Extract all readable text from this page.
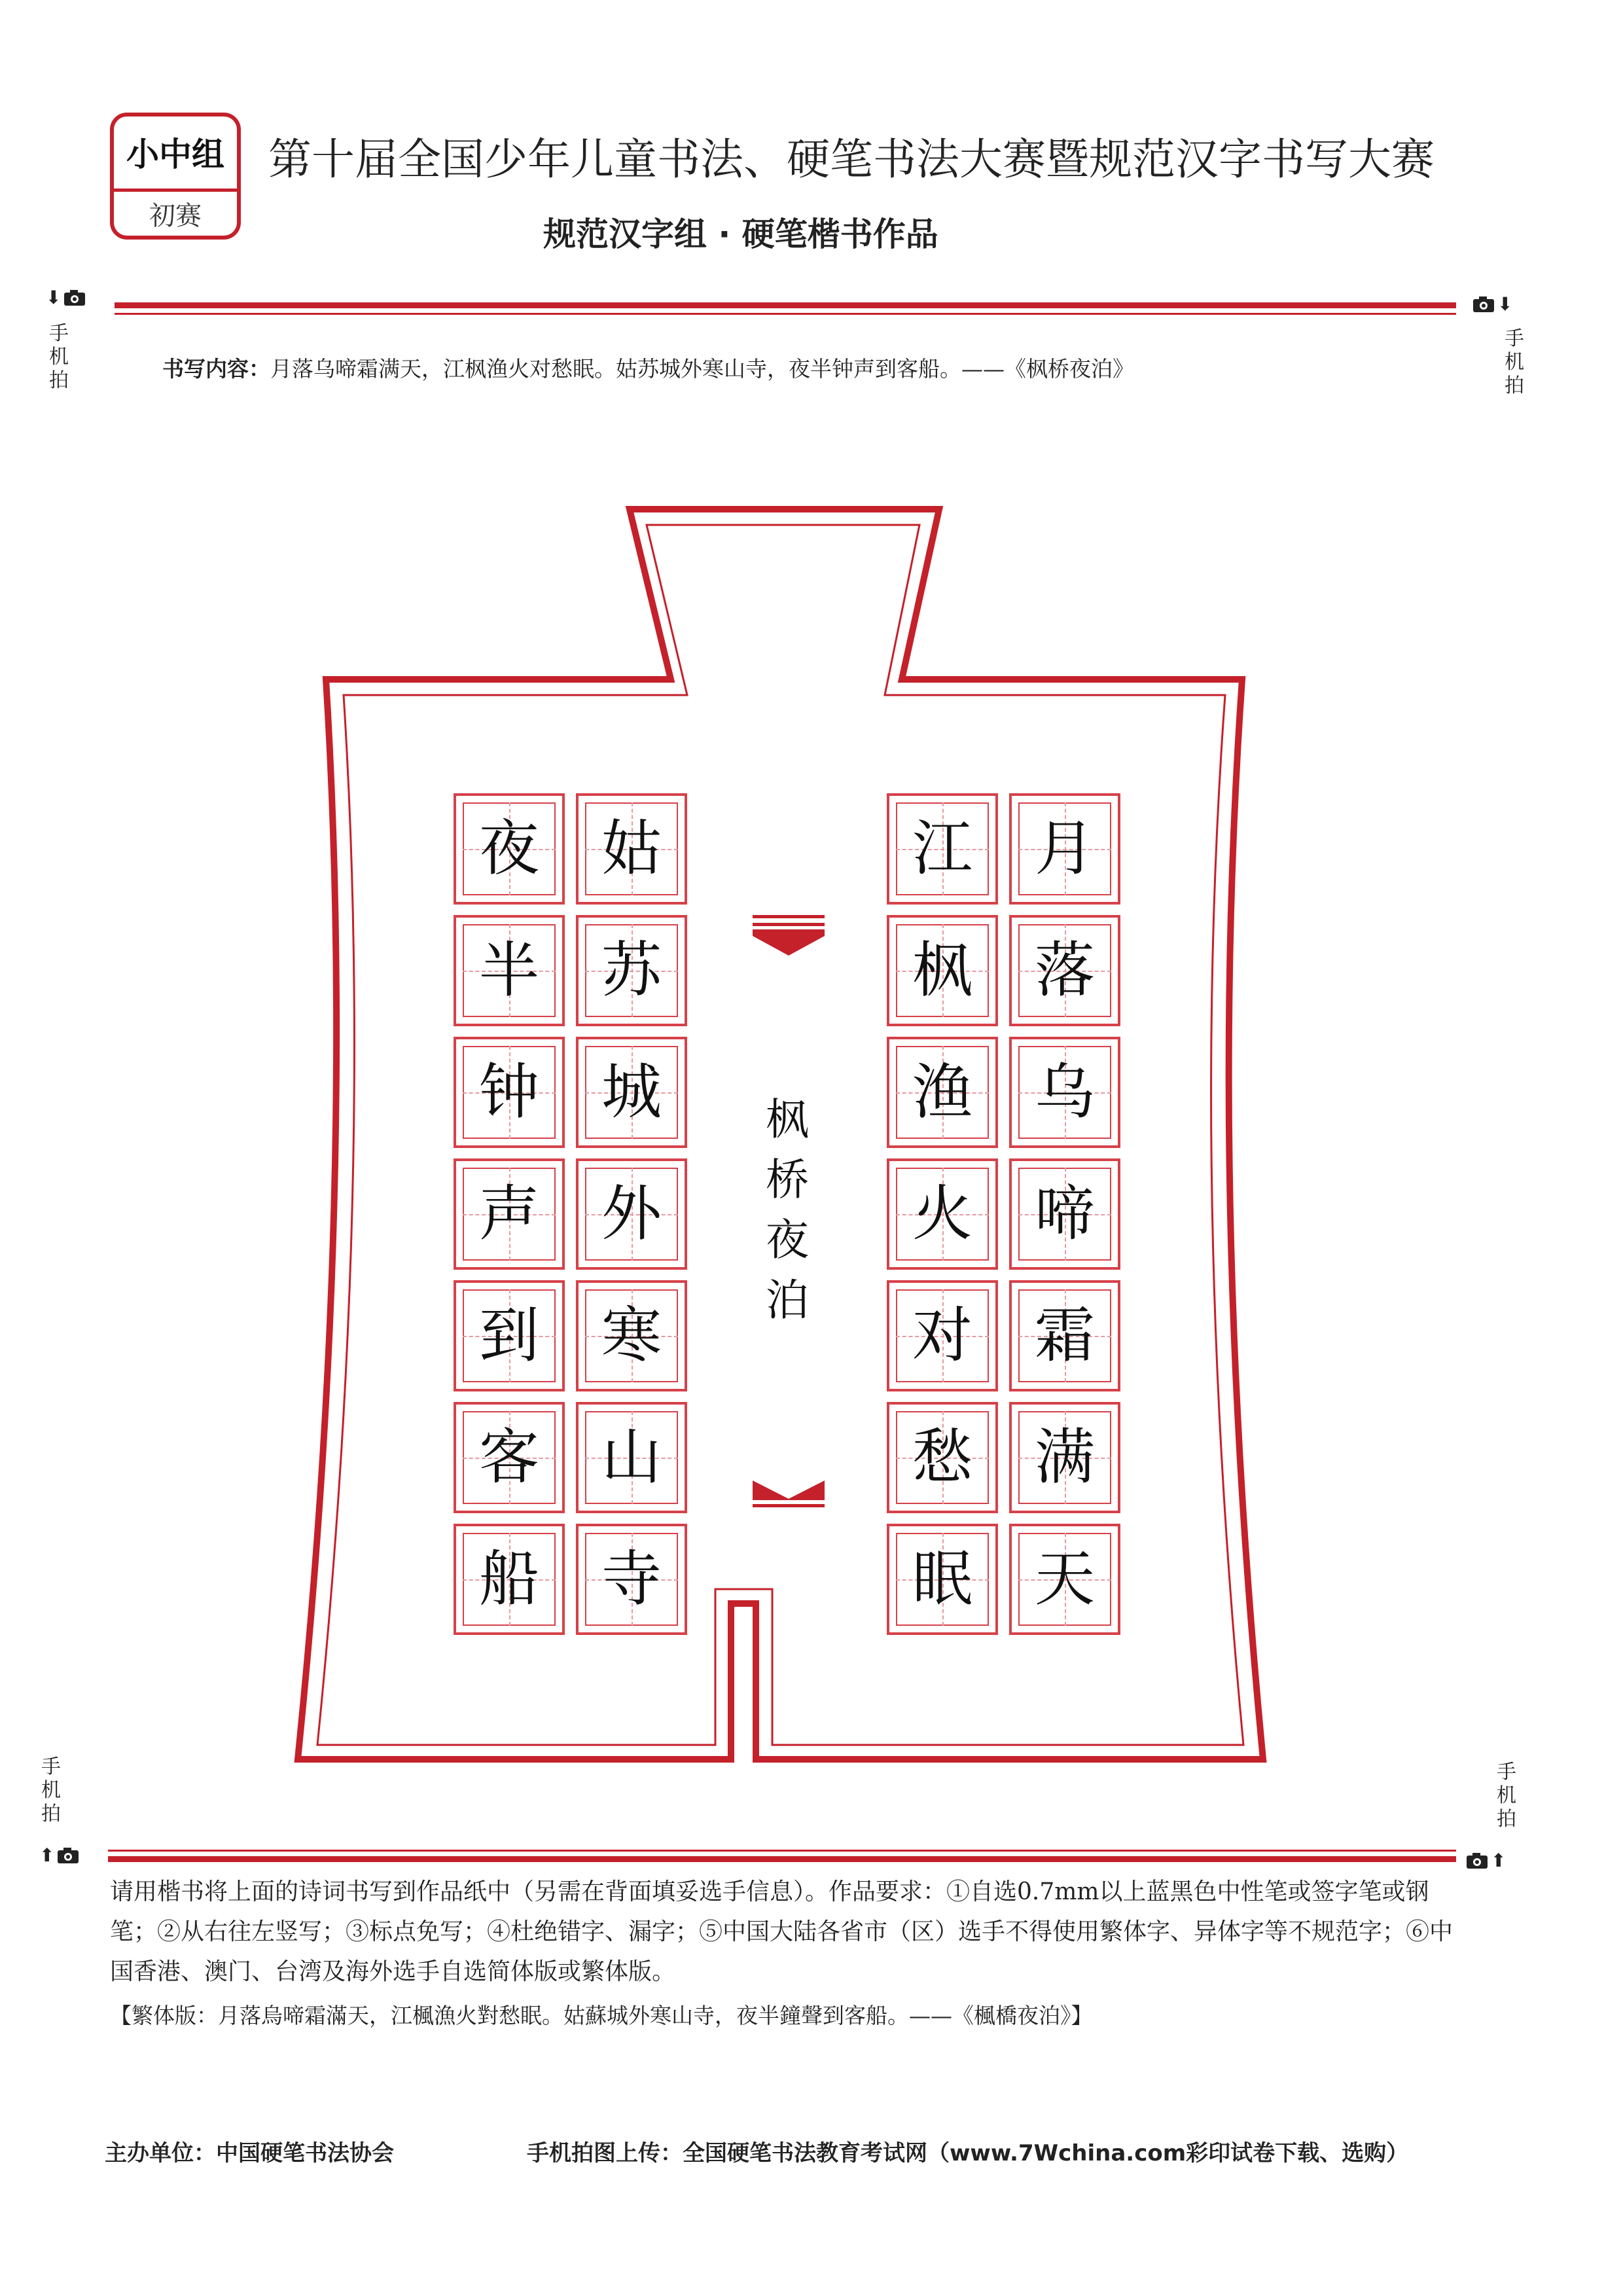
小中组
初赛
第十届全国少年儿童书法、硬笔书法大赛暨规范汉字书写大赛
规范汉字组 · 硬笔楷书作品
⬇
手
机
拍
⬇
手
机
拍
书写内容：月落乌啼霜满天，江枫渔火对愁眠。姑苏城外寒山寺，夜半钟声到客船。——《枫桥夜泊》
月
落
乌
啼
霜
满
天
江
枫
渔
火
对
愁
眠
姑
苏
城
外
寒
山
寺
夜
半
钟
声
到
客
船
枫
桥
夜
泊
手
机
拍
⬆
手
机
拍
⬆
请用楷书将上面的诗词书写到作品纸中（另需在背面填妥选手信息）。作品要求：①自选0.7mm以上蓝黑色中性笔或签字笔或钢笔；②从右往左竖写；③标点免写；④杜绝错字、漏字；⑤中国大陆各省市（区）选手不得使用繁体字、异体字等不规范字；⑥中国香港、澳门、台湾及海外选手自选简体版或繁体版。
【繁体版：月落烏啼霜滿天，江楓漁火對愁眠。姑蘇城外寒山寺，夜半鐘聲到客船。——《楓橋夜泊》】
主办单位：中国硬笔书法协会	手机拍图上传：全国硬笔书法教育考试网（www.7Wchina.com彩印试卷下载、选购）
